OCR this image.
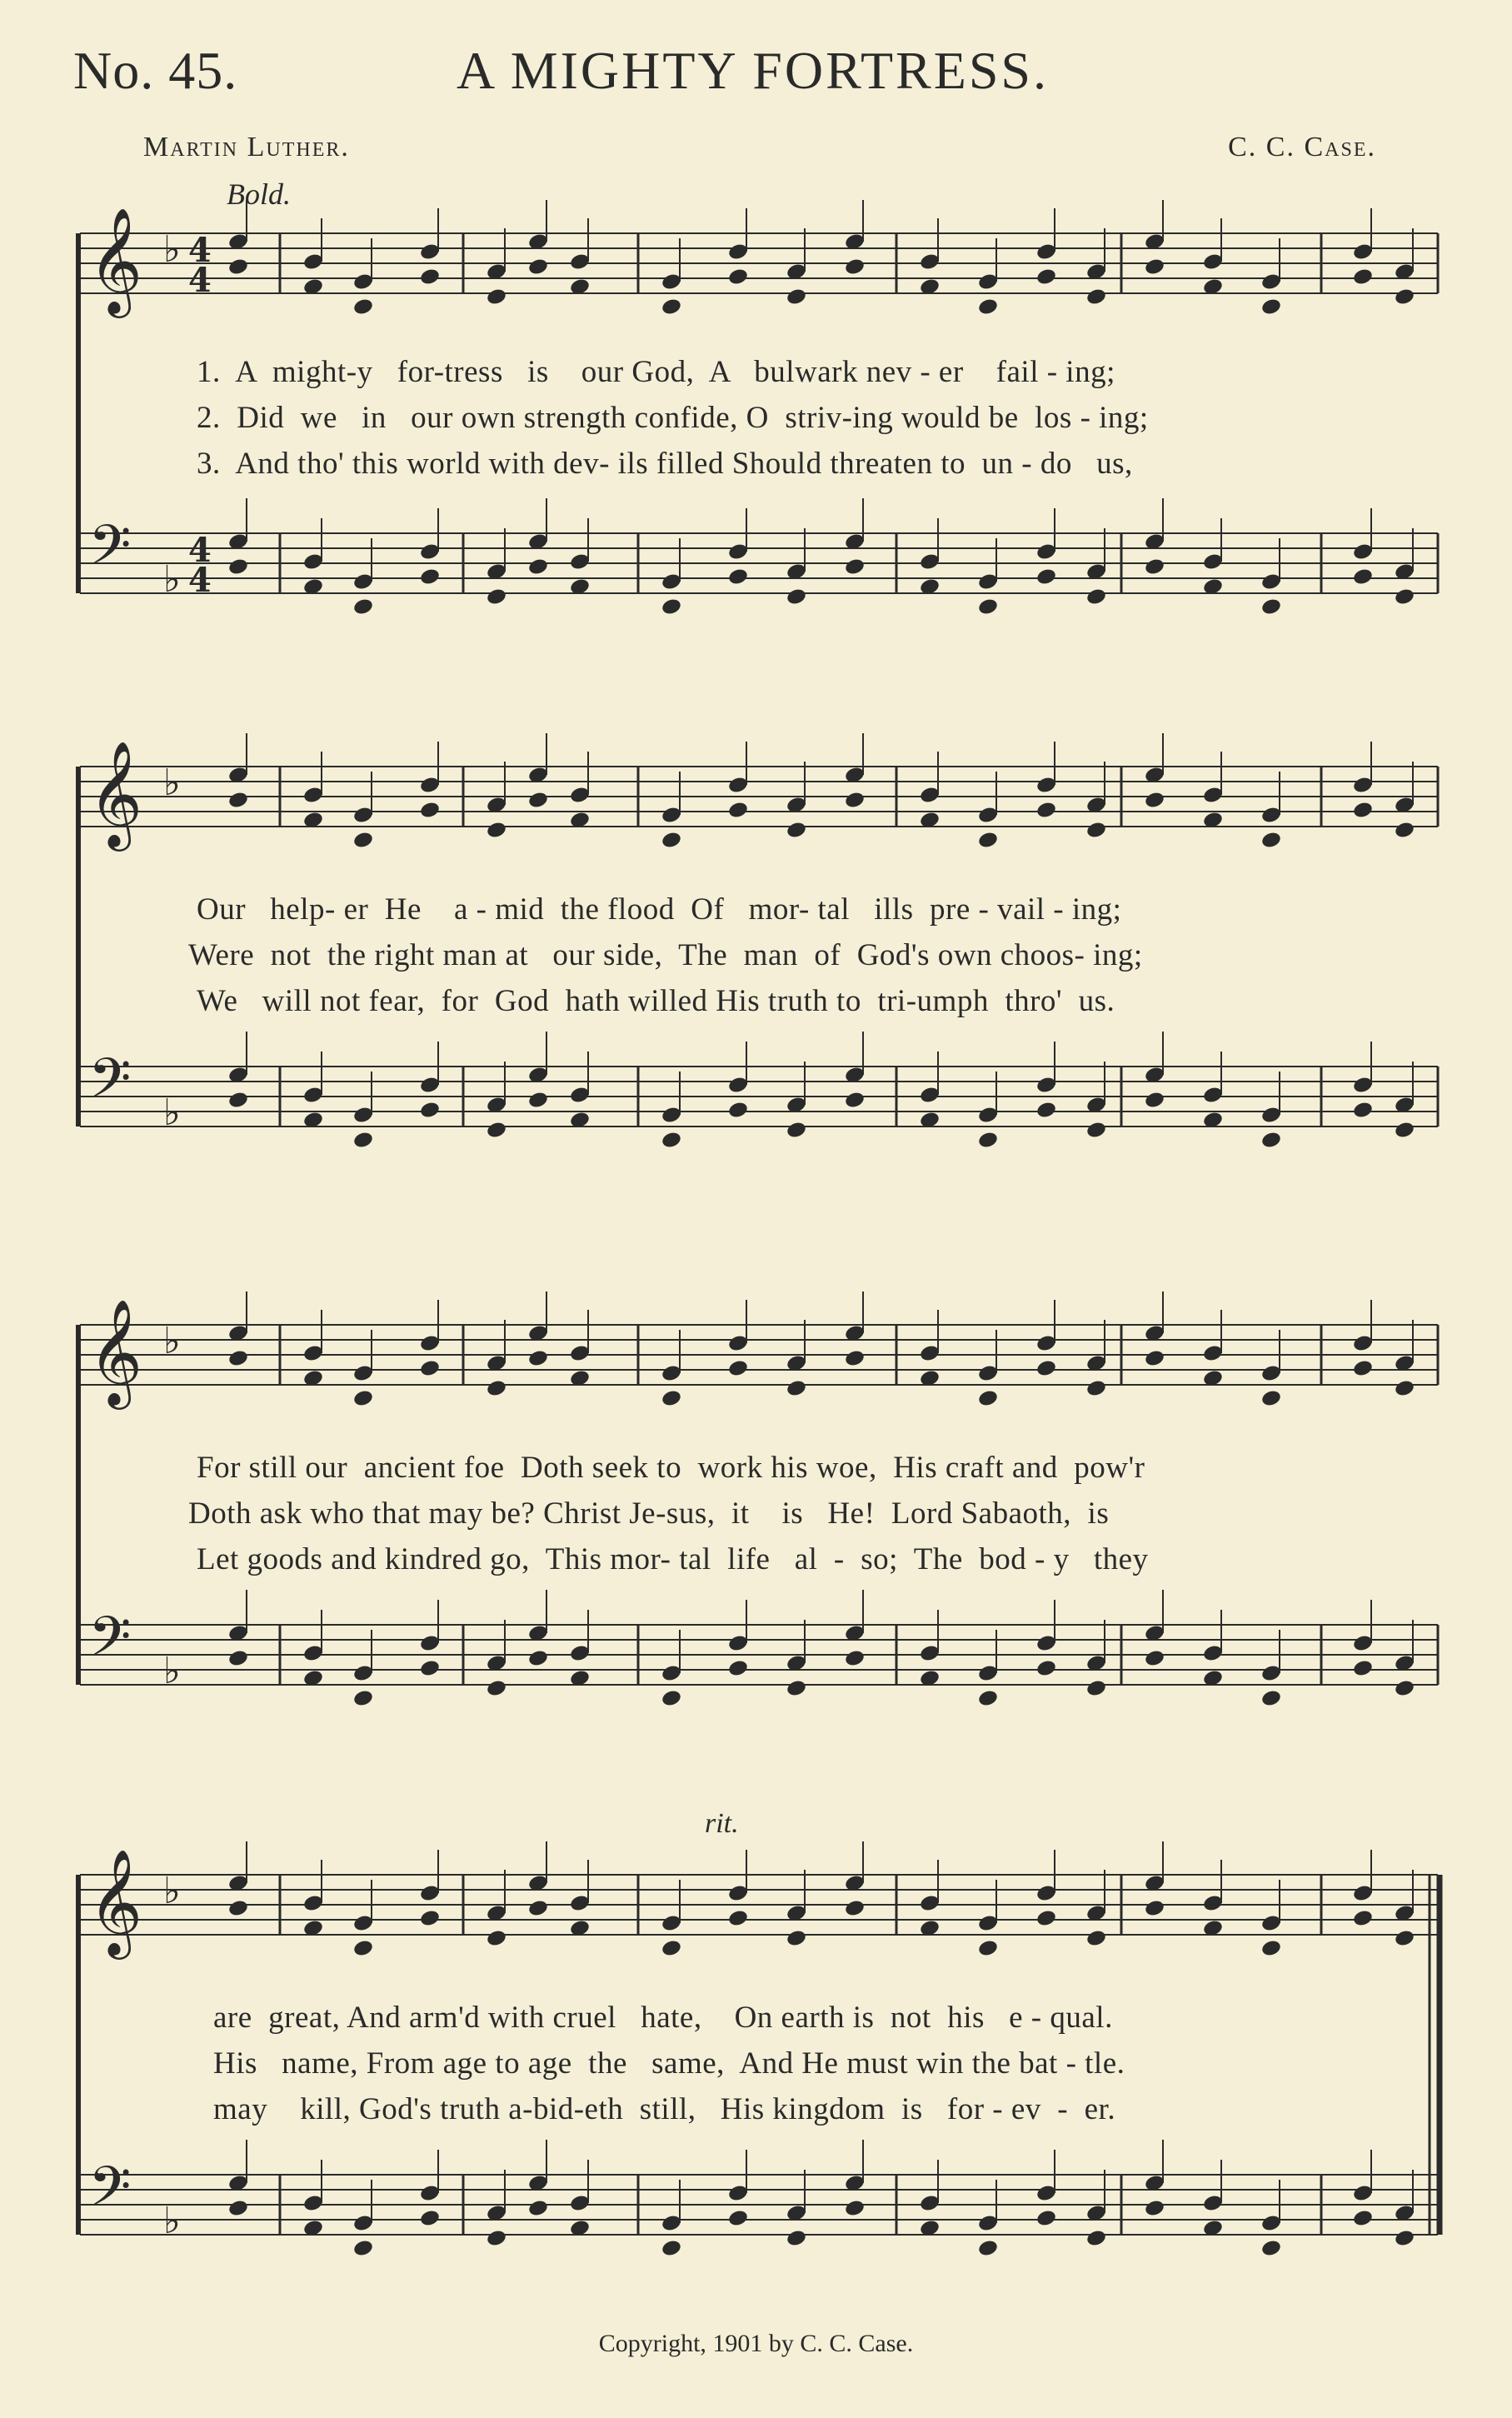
No. 45.	A MIGHTY FORTRESS.
Martin Luther.	C. C. Case.
Bold.
rit.
𝄞 ♭ 4
4
𝄢 ♭
4
4
1.  A  might-y   for-tress   is    our God,  A   bulwark nev - er    fail - ing;
2.  Did  we   in   our own strength confide, O  striv-ing would be  los - ing;
3.  And tho' this world with dev- ils filled Should threaten to  un - do   us,
𝄞 ♭
𝄢 ♭
Our   help- er  He    a - mid  the flood  Of   mor- tal   ills  pre - vail - ing;
Were  not  the right man at   our side,  The  man  of  God's own choos- ing;
We   will not fear,  for  God  hath willed His truth to  tri-umph  thro'  us.
𝄞 ♭
𝄢 ♭
For still our  ancient foe  Doth seek to  work his woe,  His craft and  pow'r
Doth ask who that may be? Christ Je-sus,  it    is   He!  Lord Sabaoth,  is
Let goods and kindred go,  This mor- tal  life   al  -  so;  The  bod - y   they
𝄞 ♭
𝄢 ♭
are  great, And arm'd with cruel   hate,    On earth is  not  his   e - qual.
His   name, From age to age  the   same,  And He must win the bat - tle.
may    kill, God's truth a-bid-eth  still,   His kingdom  is   for - ev  -  er.
Copyright, 1901 by C. C. Case.
